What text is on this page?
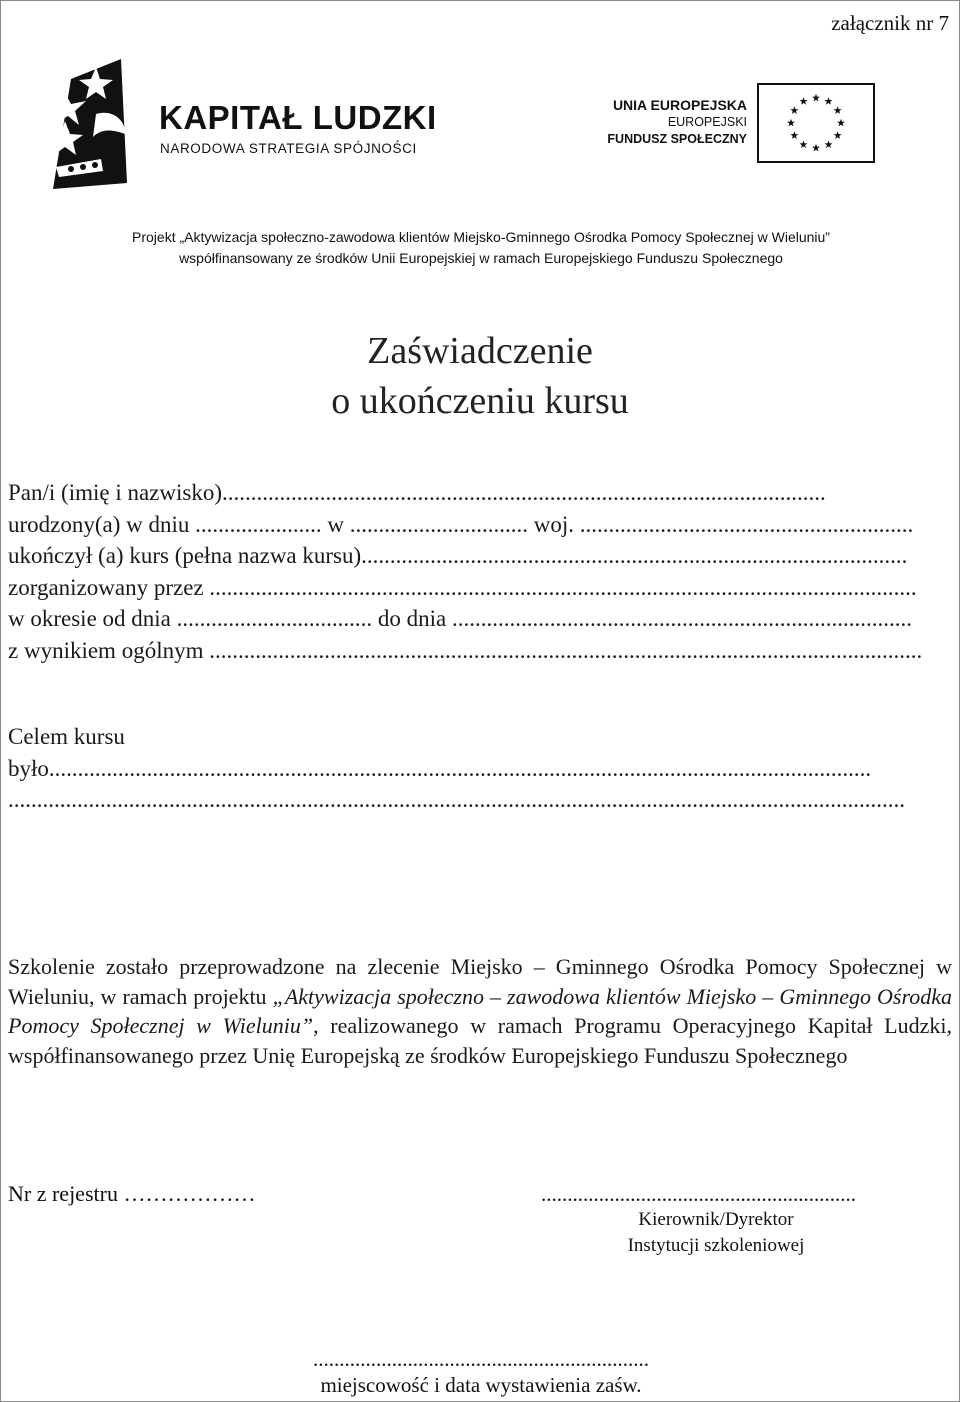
załącznik nr 7
KAPITAŁ LUDZKI
NARODOWA STRATEGIA SPÓJNOŚCI
UNIA EUROPEJSKA
EUROPEJSKI
FUNDUSZ SPOŁECZNY
Projekt „Aktywizacja społeczno-zawodowa klientów Miejsko-Gminnego Ośrodka Pomocy Społecznej w Wieluniu”
współfinansowany ze środków Unii Europejskiej w ramach Europejskiego Funduszu Społecznego
Zaświadczenie
o ukończeniu kursu
Pan/i (imię i nazwisko).........................................................................................................
urodzony(a) w dniu ...................... w ............................... woj. ..........................................................
ukończył (a) kurs (pełna nazwa kursu)...............................................................................................
zorganizowany przez ...........................................................................................................................
w okresie od dnia .................................. do dnia ................................................................................
z wynikiem ogólnym ............................................................................................................................
Celem kursu
było...............................................................................................................................................
............................................................................................................................................................
Szkolenie zostało przeprowadzone na zlecenie Miejsko – Gminnego Ośrodka Pomocy Społecznej w Wieluniu, w ramach projektu „Aktywizacja społeczno – zawodowa klientów Miejsko – Gminnego Ośrodka Pomocy Społecznej w Wieluniu”, realizowanego w ramach Programu Operacyjnego Kapitał Ludzki, współfinansowanego przez Unię Europejską ze środków Europejskiego Funduszu Społecznego
Nr z rejestru ………………	............................................................
Kierownik/Dyrektor
Instytucji szkoleniowej
................................................................
miejscowość i data wystawienia zaśw.
